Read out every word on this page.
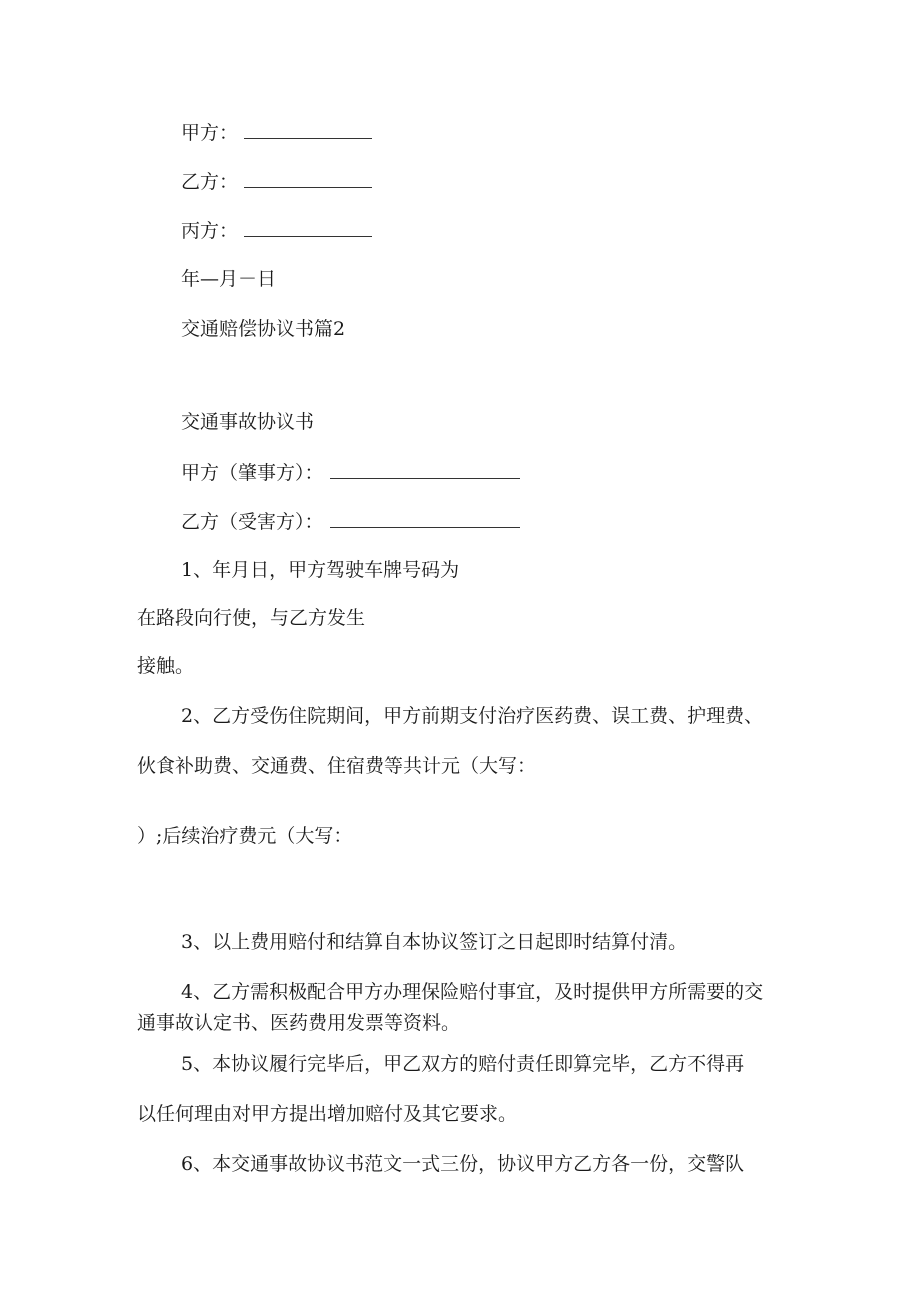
甲方：
乙方：
丙方：
年—月－日
交通赔偿协议书篇2
交通事故协议书
甲方（肇事方）：
乙方（受害方）：
1、年月日，甲方驾驶车牌号码为
在路段向行使，与乙方发生
接触。
2、乙方受伤住院期间，甲方前期支付治疗医药费、误工费、护理费、
伙食补助费、交通费、住宿费等共计元（大写：
）;后续治疗费元（大写：
3、以上费用赔付和结算自本协议签订之日起即时结算付清。
4、乙方需积极配合甲方办理保险赔付事宜，及时提供甲方所需要的交
通事故认定书、医药费用发票等资料。
5、本协议履行完毕后，甲乙双方的赔付责任即算完毕，乙方不得再
以任何理由对甲方提出增加赔付及其它要求。
6、本交通事故协议书范文一式三份，协议甲方乙方各一份，交警队
